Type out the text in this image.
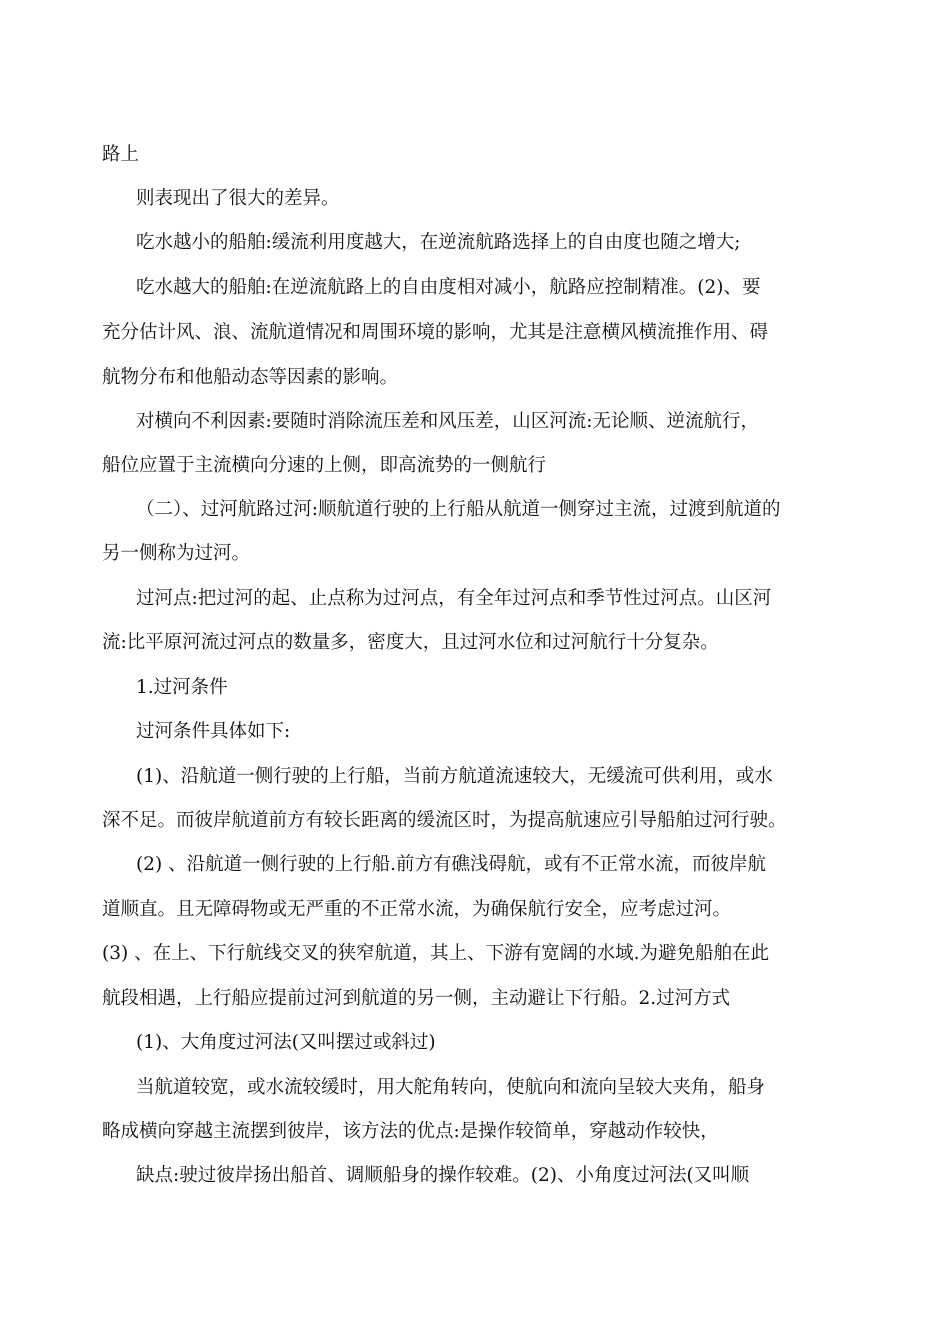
路上
则表现出了很大的差异。
吃水越小的船舶:缓流利用度越大，在逆流航路选择上的自由度也随之增大;
吃水越大的船舶:在逆流航路上的自由度相对减小，航路应控制精准。(2)、要
充分估计风、浪、流航道情况和周围环境的影响，尤其是注意横风横流推作用、碍
航物分布和他船动态等因素的影响。
对横向不利因素:要随时消除流压差和风压差，山区河流:无论顺、逆流航行，
船位应置于主流横向分速的上侧，即高流势的一侧航行
（二）、过河航路过河:顺航道行驶的上行船从航道一侧穿过主流，过渡到航道的
另一侧称为过河。
过河点:把过河的起、止点称为过河点，有全年过河点和季节性过河点。山区河
流:比平原河流过河点的数量多，密度大，且过河水位和过河航行十分复杂。
1.过河条件
过河条件具体如下:
(1)、沿航道一侧行驶的上行船，当前方航道流速较大，无缓流可供利用，或水
深不足。而彼岸航道前方有较长距离的缓流区时，为提高航速应引导船舶过河行驶。
(2) 、沿航道一侧行驶的上行船.前方有礁浅碍航，或有不正常水流，而彼岸航
道顺直。且无障碍物或无严重的不正常水流，为确保航行安全，应考虑过河。
(3) 、在上、下行航线交叉的狭窄航道，其上、下游有宽阔的水域.为避免船舶在此
航段相遇，上行船应提前过河到航道的另一侧，主动避让下行船。2.过河方式
(1)、大角度过河法(又叫摆过或斜过)
当航道较宽，或水流较缓时，用大舵角转向，使航向和流向呈较大夹角，船身
略成横向穿越主流摆到彼岸，该方法的优点:是操作较简单，穿越动作较快，
缺点:驶过彼岸扬出船首、调顺船身的操作较难。(2)、小角度过河法(又叫顺
